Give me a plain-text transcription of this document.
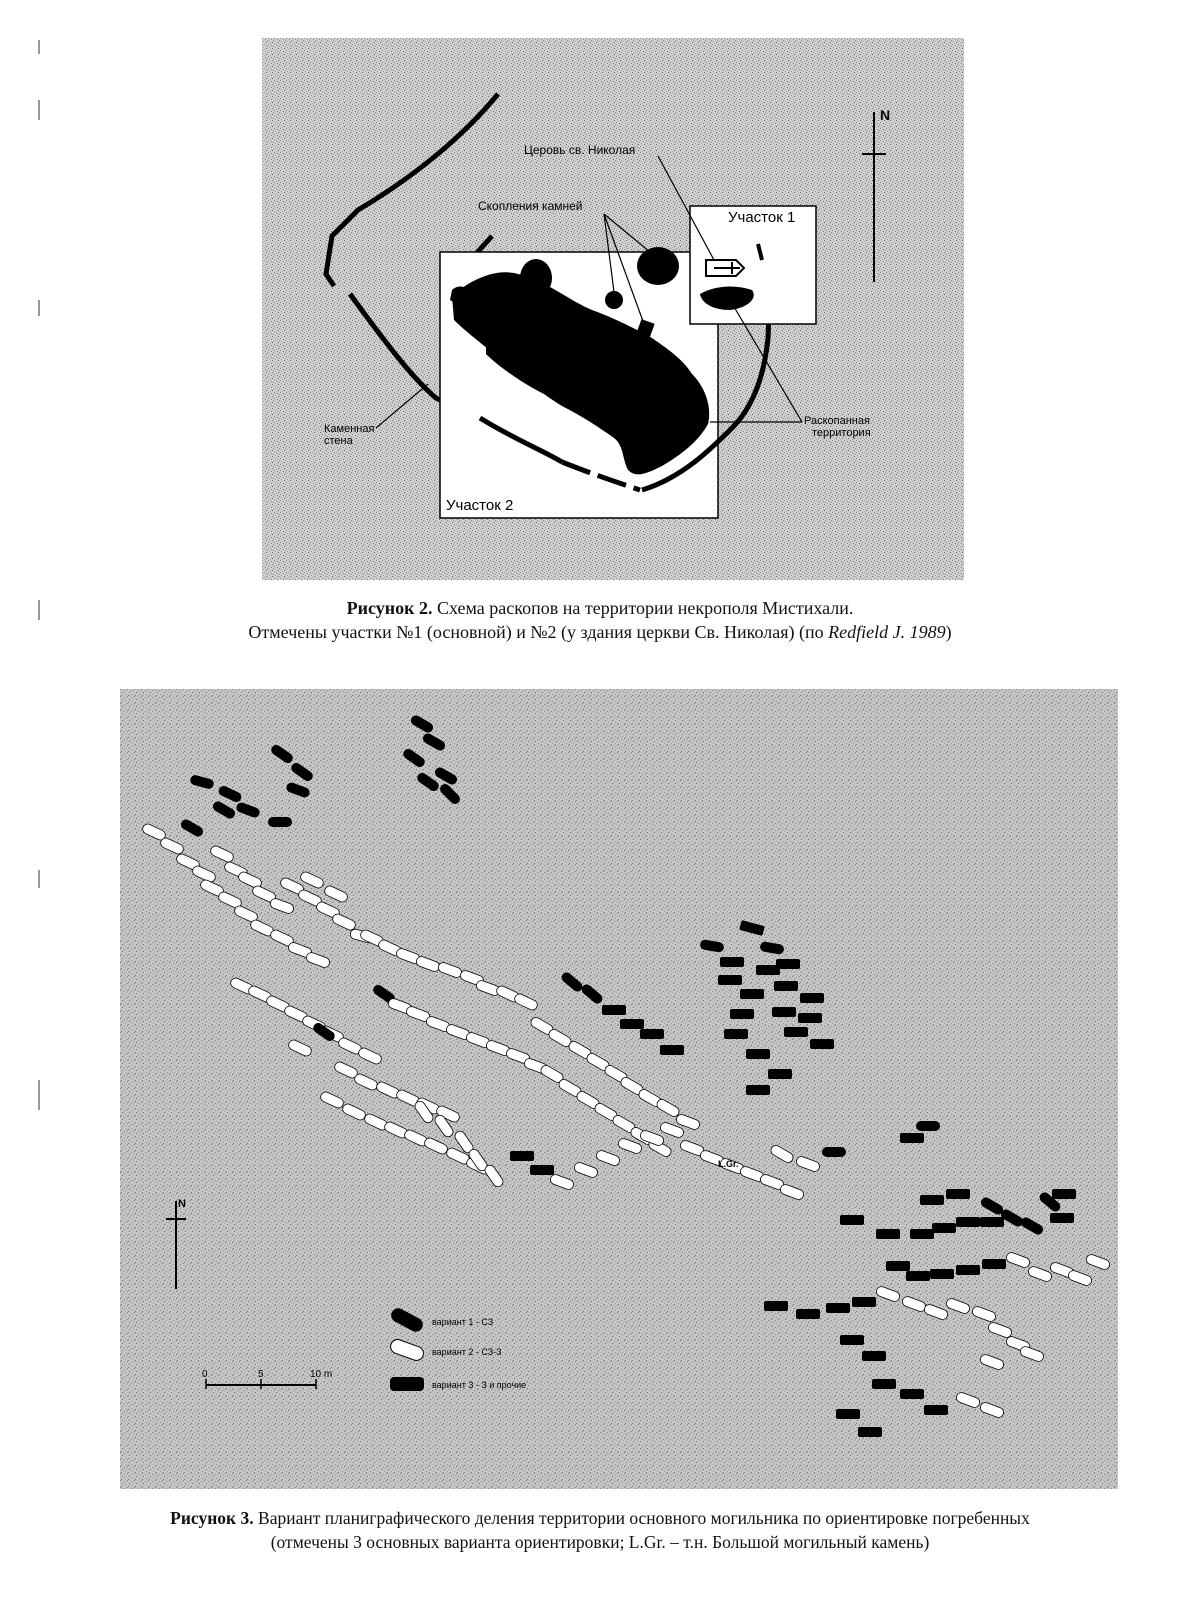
Участок 1
Церовь св. Николая
Скопления камней
Каменная
стена
Раскопанная
территория
Участок 2
N
Рисунок 2. Схема раскопов на территории некрополя Мистихали.
Отмечены участки №1 (основной) и №2 (у здания церкви Св. Николая) (по Redfield J. 1989)
N
вариант 1 - СЗ
вариант 2 - СЗ-З
вариант 3 - З и прочие
0	5	10 m
L.Gr.
Рисунок 3. Вариант планиграфического деления территории основного могильника по ориентировке погребенных
(отмечены 3 основных варианта ориентировки; L.Gr. – т.н. Большой могильный камень)
